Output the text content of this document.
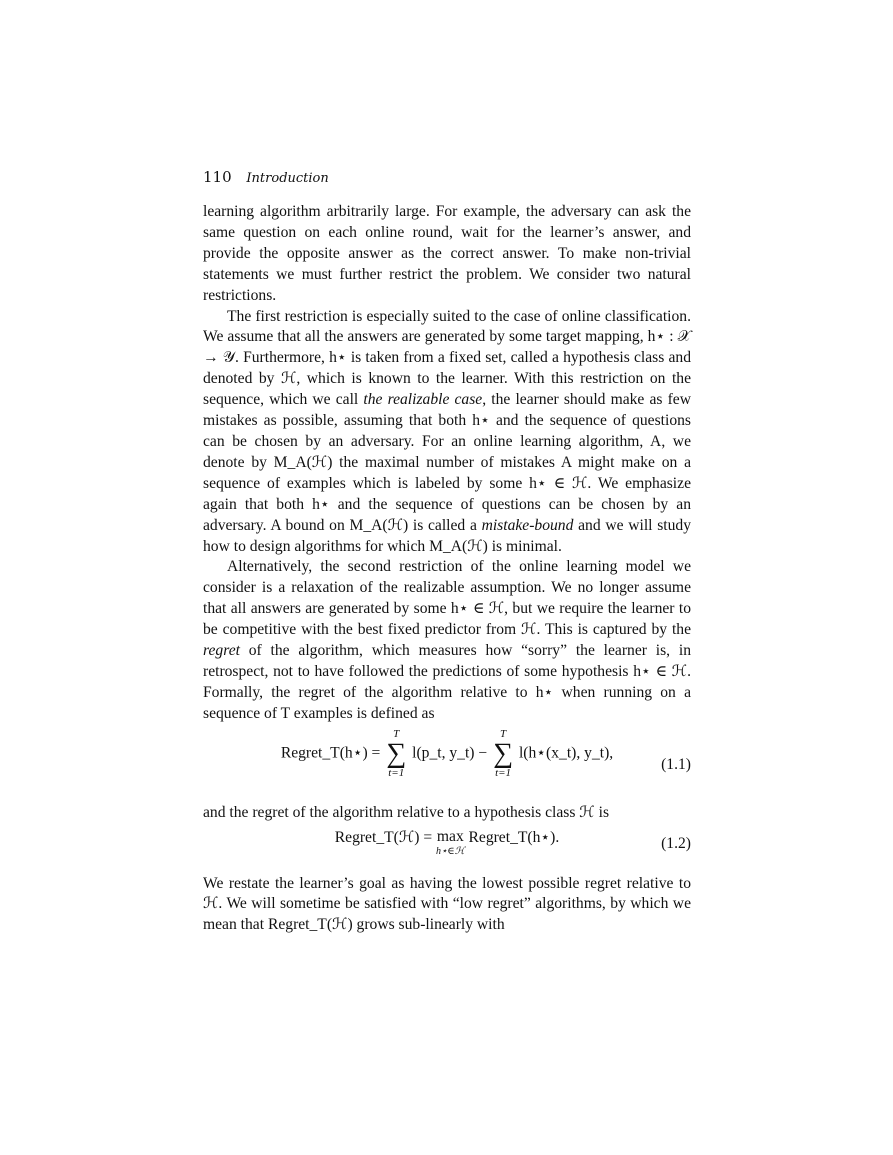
110 Introduction

learning algorithm arbitrarily large. For example, the adversary can ask the same question on each online round, wait for the learner’s answer, and provide the opposite answer as the correct answer. To make non-trivial statements we must further restrict the problem. We consider two natural restrictions.

The first restriction is especially suited to the case of online classification. We assume that all the answers are generated by some target mapping, h⋆ : 𝒳 → 𝒴. Furthermore, h⋆ is taken from a fixed set, called a hypothesis class and denoted by ℋ, which is known to the learner. With this restriction on the sequence, which we call the realizable case, the learner should make as few mistakes as possible, assuming that both h⋆ and the sequence of questions can be chosen by an adversary. For an online learning algorithm, A, we denote by M_A(ℋ) the maximal number of mistakes A might make on a sequence of examples which is labeled by some h⋆ ∈ ℋ. We emphasize again that both h⋆ and the sequence of questions can be chosen by an adversary. A bound on M_A(ℋ) is called a mistake-bound and we will study how to design algorithms for which M_A(ℋ) is minimal.

Alternatively, the second restriction of the online learning model we consider is a relaxation of the realizable assumption. We no longer assume that all answers are generated by some h⋆ ∈ ℋ, but we require the learner to be competitive with the best fixed predictor from ℋ. This is captured by the regret of the algorithm, which measures how “sorry” the learner is, in retrospect, not to have followed the predictions of some hypothesis h⋆ ∈ ℋ. Formally, the regret of the algorithm relative to h⋆ when running on a sequence of T examples is defined as

Regret_T(h⋆) =
T
∑
t=1
l(p_t, y_t) −
T
∑
t=1
l(h⋆(x_t), y_t),
(1.1)

and the regret of the algorithm relative to a hypothesis class ℋ is

Regret_T(ℋ) = max
h⋆∈ℋ
Regret_T(h⋆).	(1.2)

We restate the learner’s goal as having the lowest possible regret relative to ℋ. We will sometime be satisfied with “low regret” algorithms, by which we mean that Regret_T(ℋ) grows sub-linearly with
